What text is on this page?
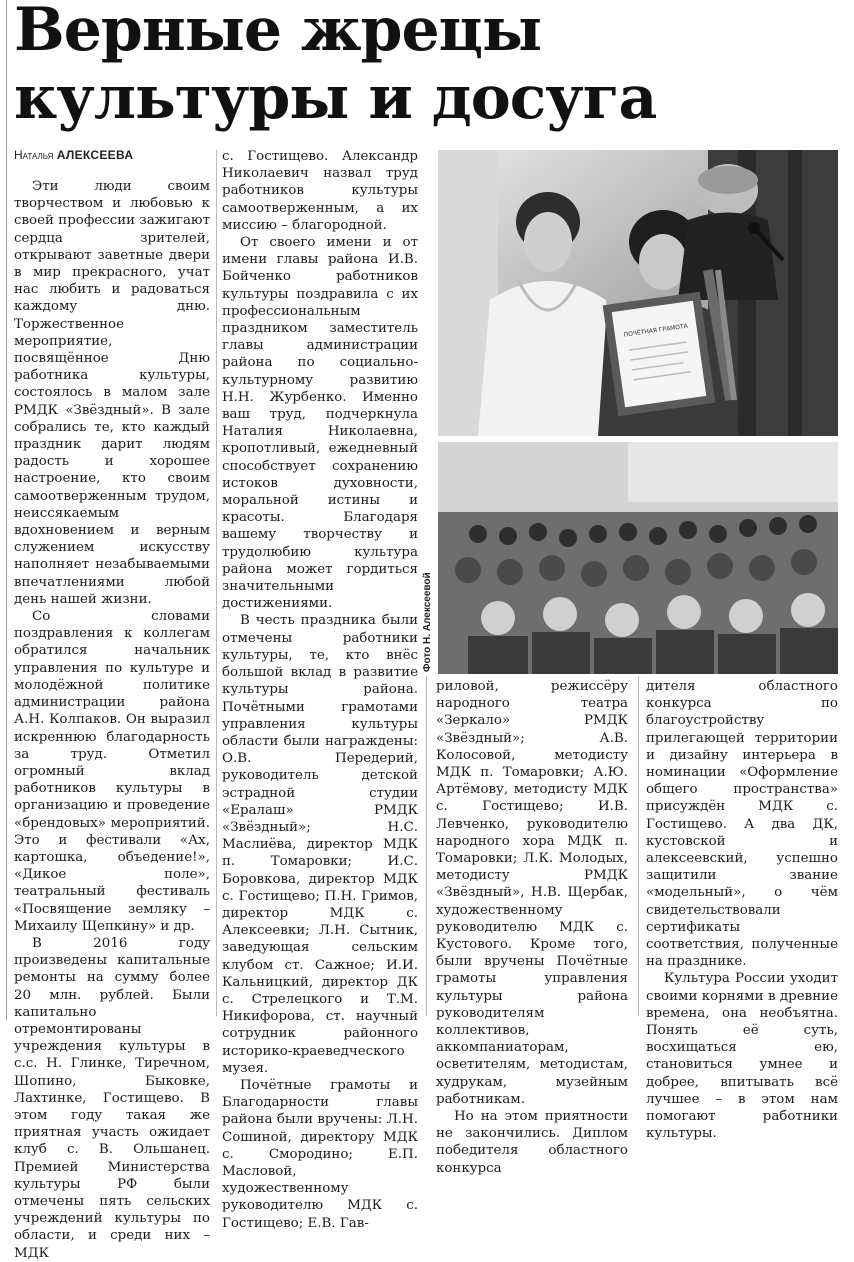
Верные жрецы
культуры и досуга
Наталья АЛЕКСЕЕВА

Эти люди своим творчеством и любовью к своей профессии зажигают сердца зрителей, открывают заветные двери в мир прекрасного, учат нас любить и радоваться каждому дню. Торжественное мероприятие, посвящённое Дню работника культуры, состоялось в малом зале РМДК «Звёздный». В зале собрались те, кто каждый праздник дарит людям радость и хорошее настроение, кто своим самоотверженным трудом, неиссякаемым вдохновением и верным служением искусству наполняет незабываемыми впечатлениями любой день нашей жизни.

Со словами поздравления к коллегам обратился начальник управления по культуре и молодёжной политике администрации района А.Н. Колпаков. Он выразил искреннюю благодарность за труд. Отметил огромный вклад работников культуры в организацию и проведение «брендовых» мероприятий. Это и фестивали «Ах, картошка, объедение!», «Дикое поле», театральный фестиваль «Посвящение земляку – Михаилу Щепкину» и др.

В 2016 году произведены капитальные ремонты на сумму более 20 млн. рублей. Были капитально отремонтированы учреждения культуры в с.с. Н. Глинке, Тиречном, Шопино, Быковке, Лахтинке, Гостищево. В этом году такая же приятная участь ожидает клуб с. В. Ольшанец. Премией Министерства культуры РФ были отмечены пять сельских учреждений культуры по области, и среди них – МДК

с. Гостищево. Александр Николаевич назвал труд работников культуры самоотверженным, а их миссию – благородной.

От своего имени и от имени главы района И.В. Бойченко работников культуры поздравила с их профессиональным праздником заместитель главы администрации района по социально-культурному развитию Н.Н. Журбенко. Именно ваш труд, подчеркнула Наталия Николаевна, кропотливый, ежедневный способствует сохранению истоков духовности, моральной истины и красоты. Благодаря вашему творчеству и трудолюбию культура района может гордиться значительными достижениями.

В честь праздника были отмечены работники культуры, те, кто внёс большой вклад в развитие культуры района. Почётными грамотами управления культуры области были награждены: О.В. Передерий, руководитель детской эстрадной студии «Ералаш» РМДК «Звёздный»; Н.С. Маслиёва, директор МДК п. Томаровки; И.С. Боровкова, директор МДК с. Гостищево; П.Н. Гримов, директор МДК с. Алексеевки; Л.Н. Сытник, заведующая сельским клубом ст. Сажное; И.И. Кальницкий, директор ДК с. Стрелецкого и Т.М. Никифорова, ст. научный сотрудник районного историко-краеведческого музея.

Почётные грамоты и Благодарности главы района были вручены: Л.Н. Сошиной, директору МДК с. Смородино; Е.П. Масловой, художественному руководителю МДК с. Гостищево; Е.В. Гав-

ПОЧЁТНАЯ ГРАМОТА
Фото Н. Алексеевой

риловой, режиссёру народного театра «Зеркало» РМДК «Звёздный»; А.В. Колосовой, методисту МДК п. Томаровки; А.Ю. Артёмову, методисту МДК с. Гостищево; И.В. Левченко, руководителю народного хора МДК п. Томаровки; Л.К. Молодых, методисту РМДК «Звёздный», Н.В. Щербак, художественному руководителю МДК с. Кустового. Кроме того, были вручены Почётные грамоты управления культуры района руководителям коллективов, аккомпаниаторам, осветителям, методистам, худрукам, музейным работникам.

Но на этом приятности не закончились. Диплом победителя областного конкурса

дителя областного конкурса по благоустройству прилегающей территории и дизайну интерьера в номинации «Оформление общего пространства» присуждён МДК с. Гостищево. А два ДК, кустовской и алексеевский, успешно защитили звание «модельный», о чём свидетельствовали сертификаты соответствия, полученные на празднике.

Культура России уходит своими корнями в древние времена, она необъятна. Понять её суть, восхищаться ею, становиться умнее и добрее, впитывать всё лучшее – в этом нам помогают работники культуры.
